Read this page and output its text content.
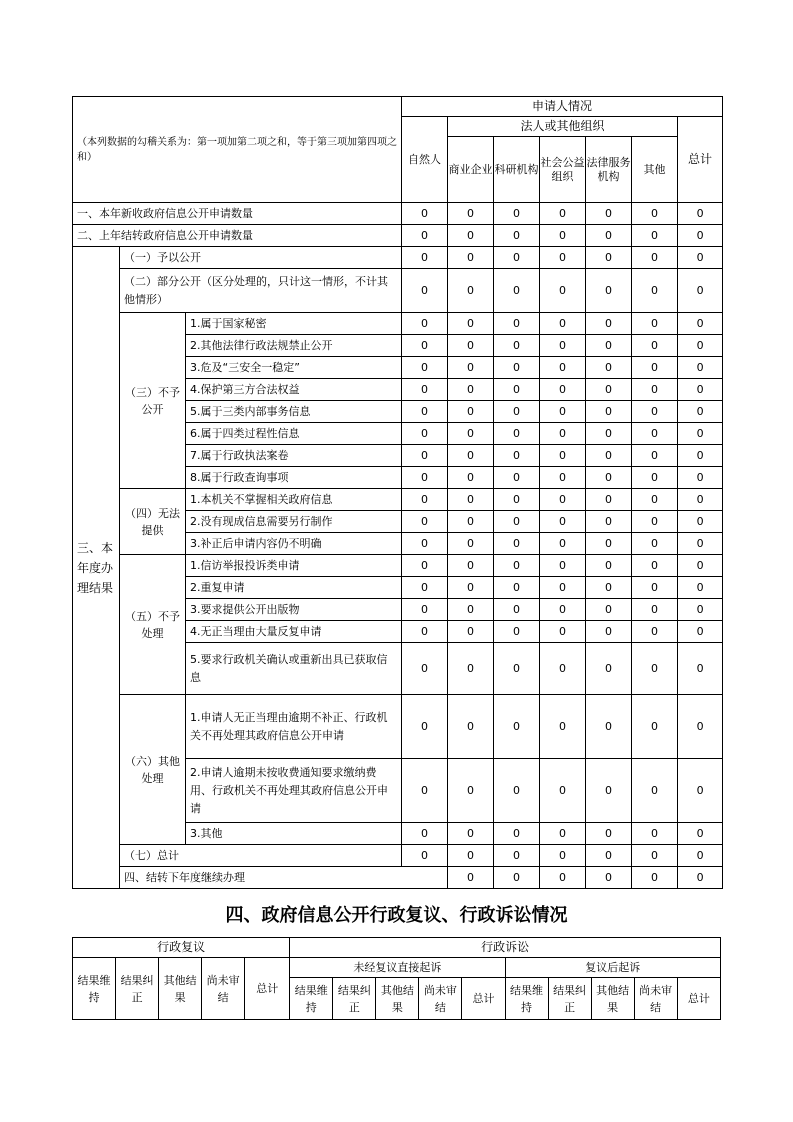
（本列数据的勾稽关系为：第一项加第二项之和，等于第三项加第四项之和）			申请人情况							
			自然人	法人或其他组织					总计	
				商业企业	科研机构	社会公益组织	法律服务机构	其他		
一、本年新收政府信息公开申请数量			0	0	0	0	0	0	0	
二、上年结转政府信息公开申请数量			0	0	0	0	0	0	0	
三、本年度办理结果	（一）予以公开		0	0	0	0	0	0	0	
	（二）部分公开（区分处理的，只计这一情形，不计其他情形）		0	0	0	0	0	0	0	
	（三）不予公开	1.属于国家秘密	0	0	0	0	0	0	0	
		2.其他法律行政法规禁止公开	0	0	0	0	0	0	0	
		3.危及“三安全一稳定”	0	0	0	0	0	0	0	
		4.保护第三方合法权益	0	0	0	0	0	0	0	
		5.属于三类内部事务信息	0	0	0	0	0	0	0	
		6.属于四类过程性信息	0	0	0	0	0	0	0	
		7.属于行政执法案卷	0	0	0	0	0	0	0	
		8.属于行政查询事项	0	0	0	0	0	0	0	
	（四）无法提供	1.本机关不掌握相关政府信息	0	0	0	0	0	0	0	
		2.没有现成信息需要另行制作	0	0	0	0	0	0	0	
		3.补正后申请内容仍不明确	0	0	0	0	0	0	0	
	（五）不予处理	1.信访举报投诉类申请	0	0	0	0	0	0	0	
		2.重复申请	0	0	0	0	0	0	0	
		3.要求提供公开出版物	0	0	0	0	0	0	0	
		4.无正当理由大量反复申请	0	0	0	0	0	0	0	
		5.要求行政机关确认或重新出具已获取信息	0	0	0	0	0	0	0	
	（六）其他处理	1.申请人无正当理由逾期不补正、行政机关不再处理其政府信息公开申请	0	0	0	0	0	0	0	
		2.申请人逾期未按收费通知要求缴纳费用、行政机关不再处理其政府信息公开申请	0	0	0	0	0	0	0	
		3.其他	0	0	0	0	0	0	0	
	（七）总计		0	0	0	0	0	0	0	
	四、结转下年度继续办理			0	0	0	0	0	0	
四、政府信息公开行政复议、行政诉讼情况
行政复议					行政诉讼									
结果维持	结果纠正	其他结果	尚未审结	总计	未经复议直接起诉					复议后起诉				
					结果维持	结果纠正	其他结果	尚未审结	总计	结果维持	结果纠正	其他结果	尚未审结	总计
